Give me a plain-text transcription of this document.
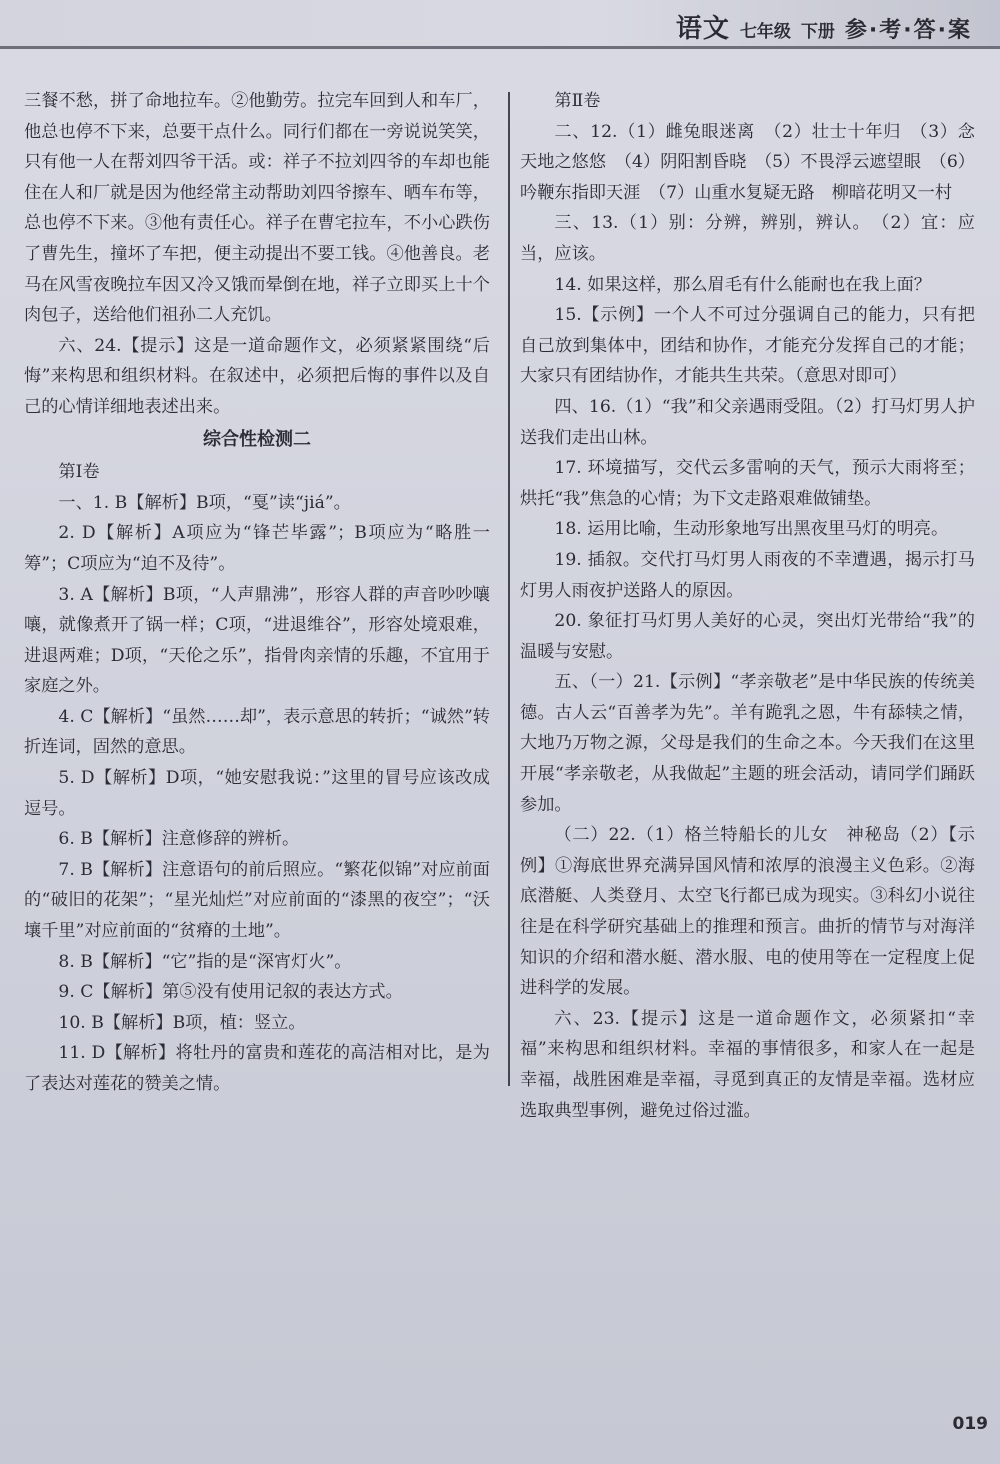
语文 七年级 下册 参·考·答·案

三餐不愁，拼了命地拉车。②他勤劳。拉完车回到人和车厂，他总也停不下来，总要干点什么。同行们都在一旁说说笑笑，只有他一人在帮刘四爷干活。或：祥子不拉刘四爷的车却也能住在人和厂就是因为他经常主动帮助刘四爷擦车、晒车布等，总也停不下来。③他有责任心。祥子在曹宅拉车，不小心跌伤了曹先生，撞坏了车把，便主动提出不要工钱。④他善良。老马在风雪夜晚拉车因又冷又饿而晕倒在地，祥子立即买上十个肉包子，送给他们祖孙二人充饥。

六、24.【提示】这是一道命题作文，必须紧紧围绕“后悔”来构思和组织材料。在叙述中，必须把后悔的事件以及自己的心情详细地表述出来。

综合性检测二

第Ⅰ卷

一、1. B【解析】B项，“戛”读“jiá”。

2. D【解析】A项应为“锋芒毕露”；B项应为“略胜一筹”；C项应为“迫不及待”。

3. A【解析】B项，“人声鼎沸”，形容人群的声音吵吵嚷嚷，就像煮开了锅一样；C项，“进退维谷”，形容处境艰难，进退两难；D项，“天伦之乐”，指骨肉亲情的乐趣，不宜用于家庭之外。

4. C【解析】“虽然……却”，表示意思的转折；“诚然”转折连词，固然的意思。

5. D【解析】D项，“她安慰我说：”这里的冒号应该改成逗号。

6. B【解析】注意修辞的辨析。

7. B【解析】注意语句的前后照应。“繁花似锦”对应前面的“破旧的花架”；“星光灿烂”对应前面的“漆黑的夜空”；“沃壤千里”对应前面的“贫瘠的土地”。

8. B【解析】“它”指的是“深宵灯火”。

9. C【解析】第⑤没有使用记叙的表达方式。

10. B【解析】B项，植：竖立。

11. D【解析】将牡丹的富贵和莲花的高洁相对比，是为了表达对莲花的赞美之情。

第Ⅱ卷

二、12.（1）雌兔眼迷离　（2）壮士十年归　（3）念天地之悠悠　（4）阴阳割昏晓　（5）不畏浮云遮望眼　（6）吟鞭东指即天涯　（7）山重水复疑无路　柳暗花明又一村

三、13.（1）别：分辨，辨别，辨认。　（2）宜：应当，应该。

14. 如果这样，那么眉毛有什么能耐也在我上面？

15.【示例】一个人不可过分强调自己的能力，只有把自己放到集体中，团结和协作，才能充分发挥自己的才能；大家只有团结协作，才能共生共荣。（意思对即可）

四、16.（1）“我”和父亲遇雨受阻。（2）打马灯男人护送我们走出山林。

17. 环境描写，交代云多雷响的天气，预示大雨将至；烘托“我”焦急的心情；为下文走路艰难做铺垫。

18. 运用比喻，生动形象地写出黑夜里马灯的明亮。

19. 插叙。交代打马灯男人雨夜的不幸遭遇，揭示打马灯男人雨夜护送路人的原因。

20. 象征打马灯男人美好的心灵，突出灯光带给“我”的温暖与安慰。

五、（一）21.【示例】“孝亲敬老”是中华民族的传统美德。古人云“百善孝为先”。羊有跪乳之恩，牛有舔犊之情，大地乃万物之源，父母是我们的生命之本。今天我们在这里开展“孝亲敬老，从我做起”主题的班会活动，请同学们踊跃参加。

（二）22.（1）格兰特船长的儿女　神秘岛（2）【示例】①海底世界充满异国风情和浓厚的浪漫主义色彩。②海底潜艇、人类登月、太空飞行都已成为现实。③科幻小说往往是在科学研究基础上的推理和预言。曲折的情节与对海洋知识的介绍和潜水艇、潜水服、电的使用等在一定程度上促进科学的发展。

六、23.【提示】这是一道命题作文，必须紧扣“幸福”来构思和组织材料。幸福的事情很多，和家人在一起是幸福，战胜困难是幸福，寻觅到真正的友情是幸福。选材应选取典型事例，避免过俗过滥。

019
